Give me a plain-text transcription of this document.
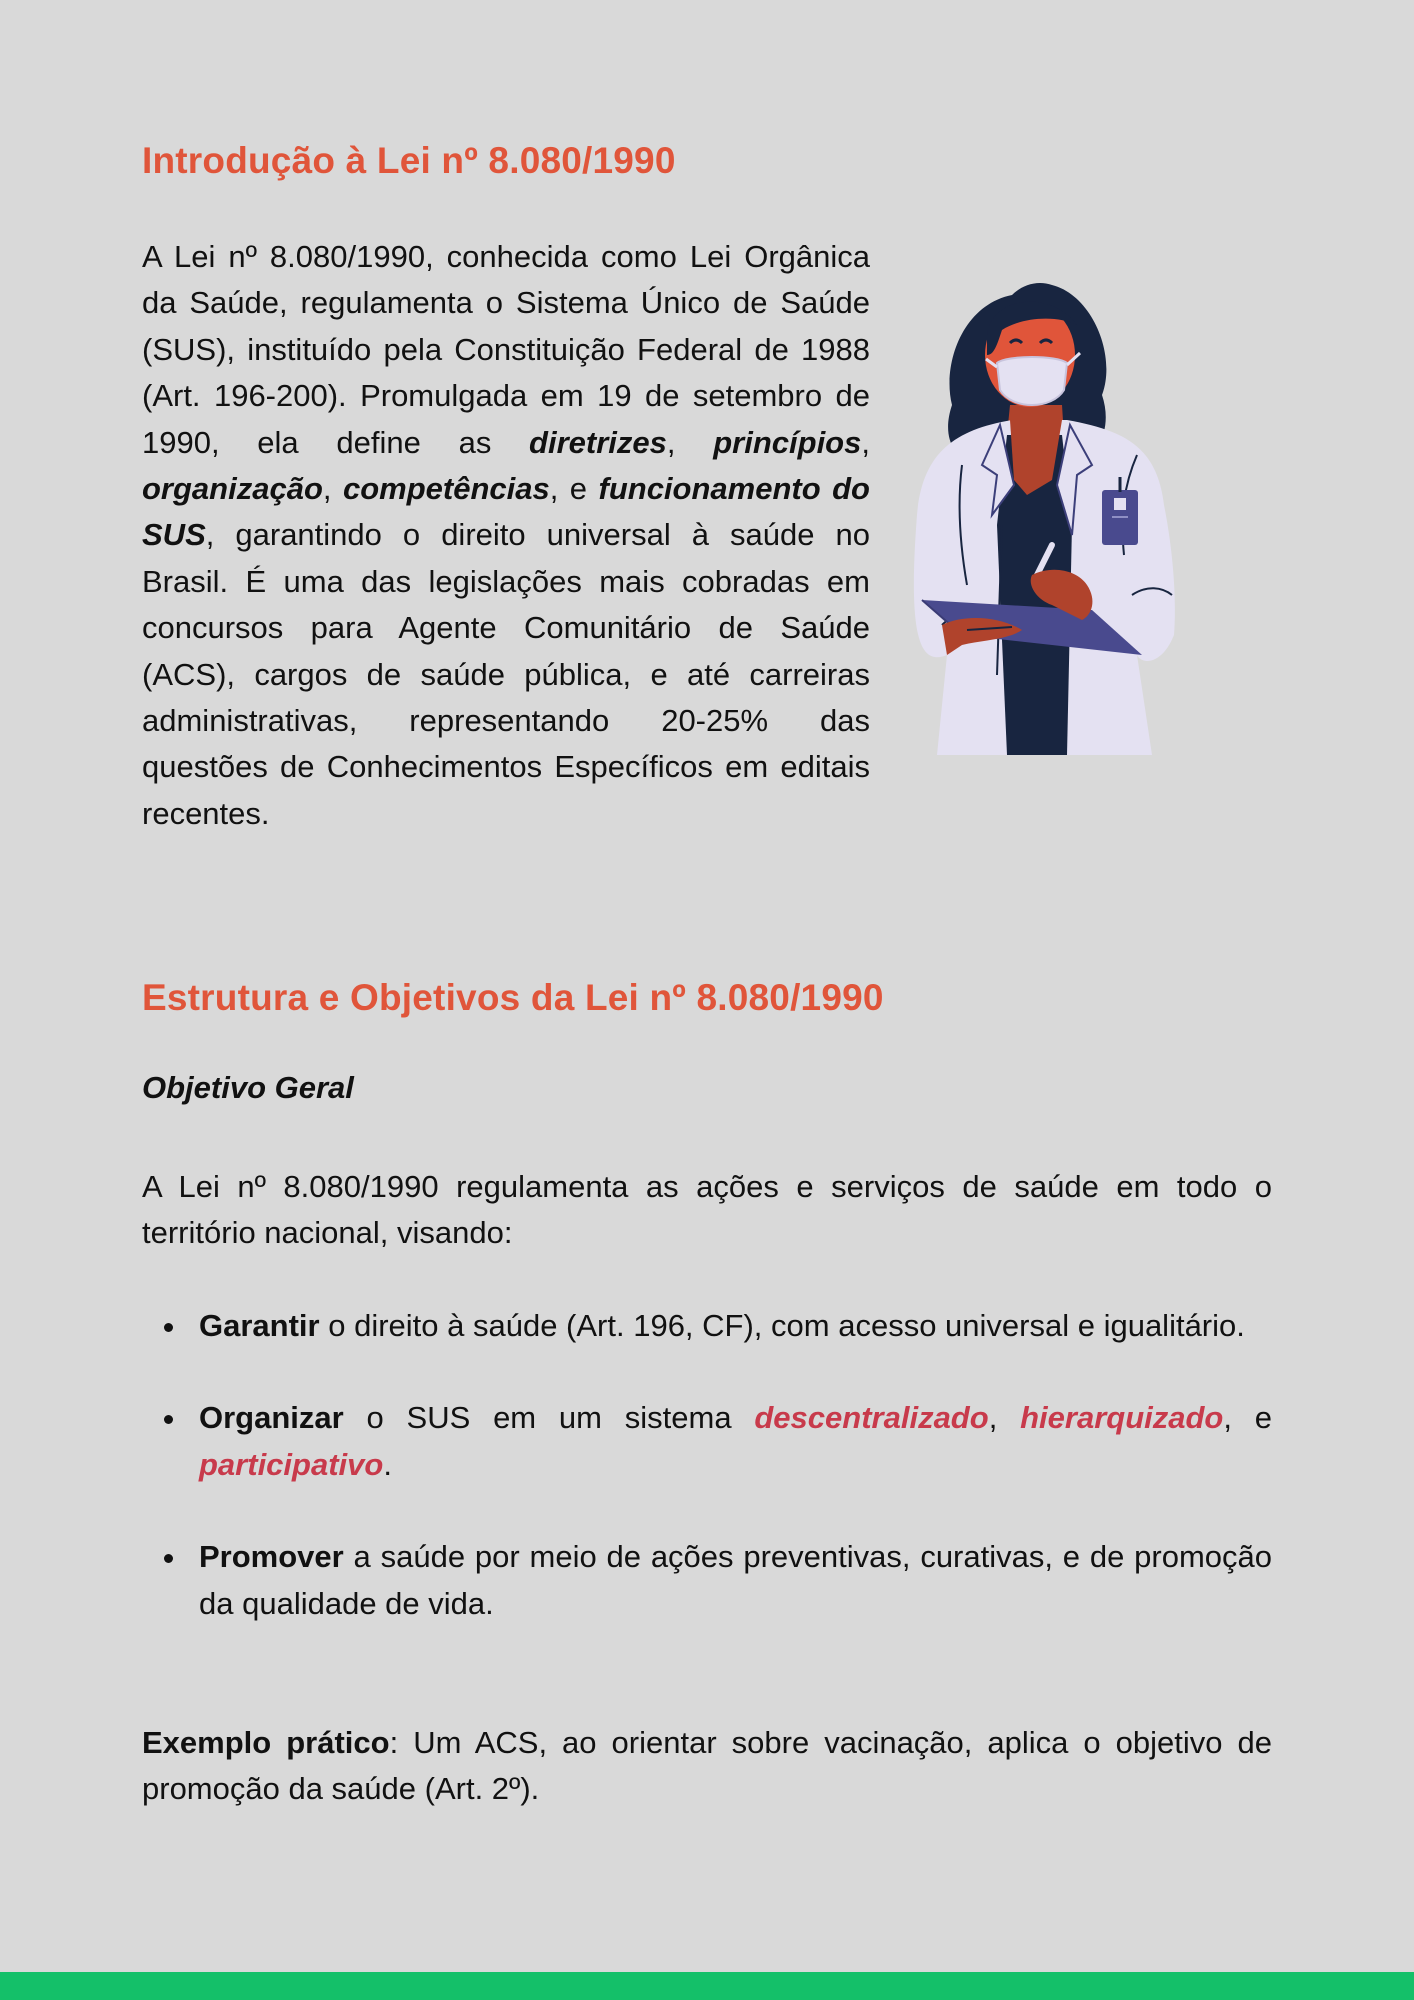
Introdução à Lei nº 8.080/1990

A Lei nº 8.080/1990, conhecida como Lei Orgânica da Saúde, regulamenta o Sistema Único de Saúde (SUS), instituído pela Constituição Federal de 1988 (Art. 196-200). Promulgada em 19 de setembro de 1990, ela define as diretrizes, princípios, organização, competências, e funcionamento do SUS, garantindo o direito universal à saúde no Brasil. É uma das legislações mais cobradas em concursos para Agente Comunitário de Saúde (ACS), cargos de saúde pública, e até carreiras administrativas, representando 20-25% das questões de Conhecimentos Específicos em editais recentes.

Estrutura e Objetivos da Lei nº 8.080/1990

Objetivo Geral

A Lei nº 8.080/1990 regulamenta as ações e serviços de saúde em todo o território nacional, visando:

Garantir o direito à saúde (Art. 196, CF), com acesso universal e igualitário.
Organizar o SUS em um sistema descentralizado, hierarquizado, e participativo.
Promover a saúde por meio de ações preventivas, curativas, e de promoção da qualidade de vida.

Exemplo prático: Um ACS, ao orientar sobre vacinação, aplica o objetivo de promoção da saúde (Art. 2º).
